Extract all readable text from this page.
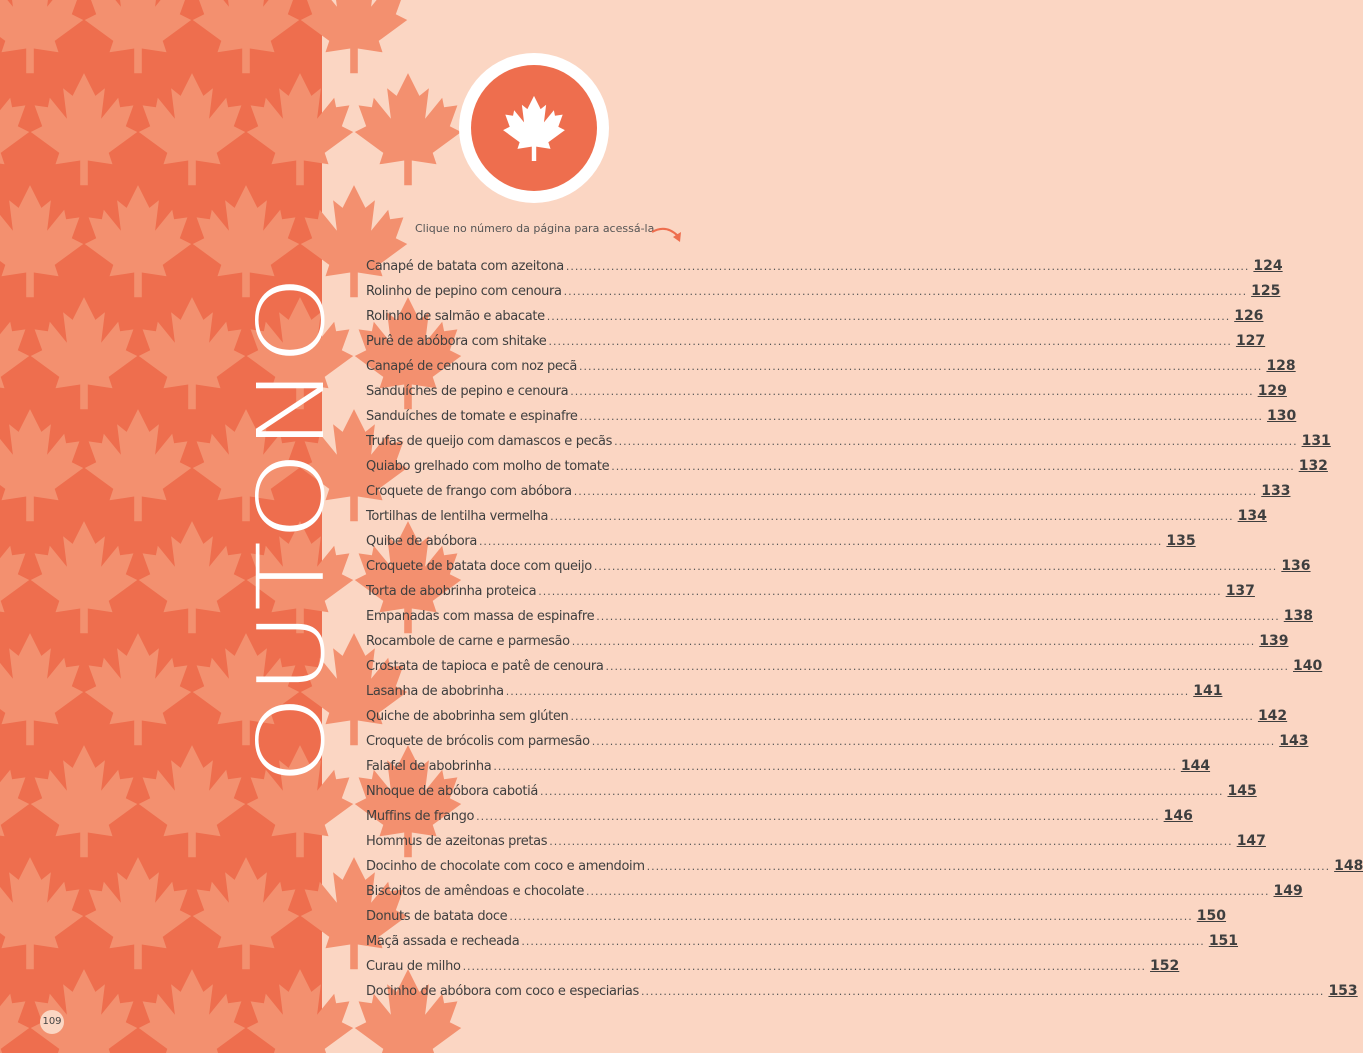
OUTONO
109
Clique no número da página para acessá-la
Canapé de batata com azeitona .....	124
Rolinho de pepino com cenoura .....	125
Rolinho de salmão e abacate .....	126
Purê de abóbora com shitake .....	127
Canapé de cenoura com noz pecã .....	128
Sanduíches de pepino e cenoura .....	129
Sanduíches de tomate e espinafre .....	130
Trufas de queijo com damascos e pecãs .....	131
Quiabo grelhado com molho de tomate .....	132
Croquete de frango com abóbora .....	133
Tortilhas de lentilha vermelha .....	134
Quibe de abóbora .....	135
Croquete de batata doce com queijo .....	136
Torta de abobrinha proteica .....	137
Empanadas com massa de espinafre .....	138
Rocambole de carne e parmesão .....	139
Crostata de tapioca e patê de cenoura .....	140
Lasanha de abobrinha .....	141
Quiche de abobrinha sem glúten .....	142
Croquete de brócolis com parmesão .....	143
Falafel de abobrinha .....	144
Nhoque de abóbora cabotiá .....	145
Muffins de frango .....	146
Hommus de azeitonas pretas .....	147
Docinho de chocolate com coco e amendoim .....	148
Biscoitos de amêndoas e chocolate .....	149
Donuts de batata doce .....	150
Maçã assada e recheada .....	151
Curau de milho .....	152
Docinho de abóbora com coco e especiarias .....	153
